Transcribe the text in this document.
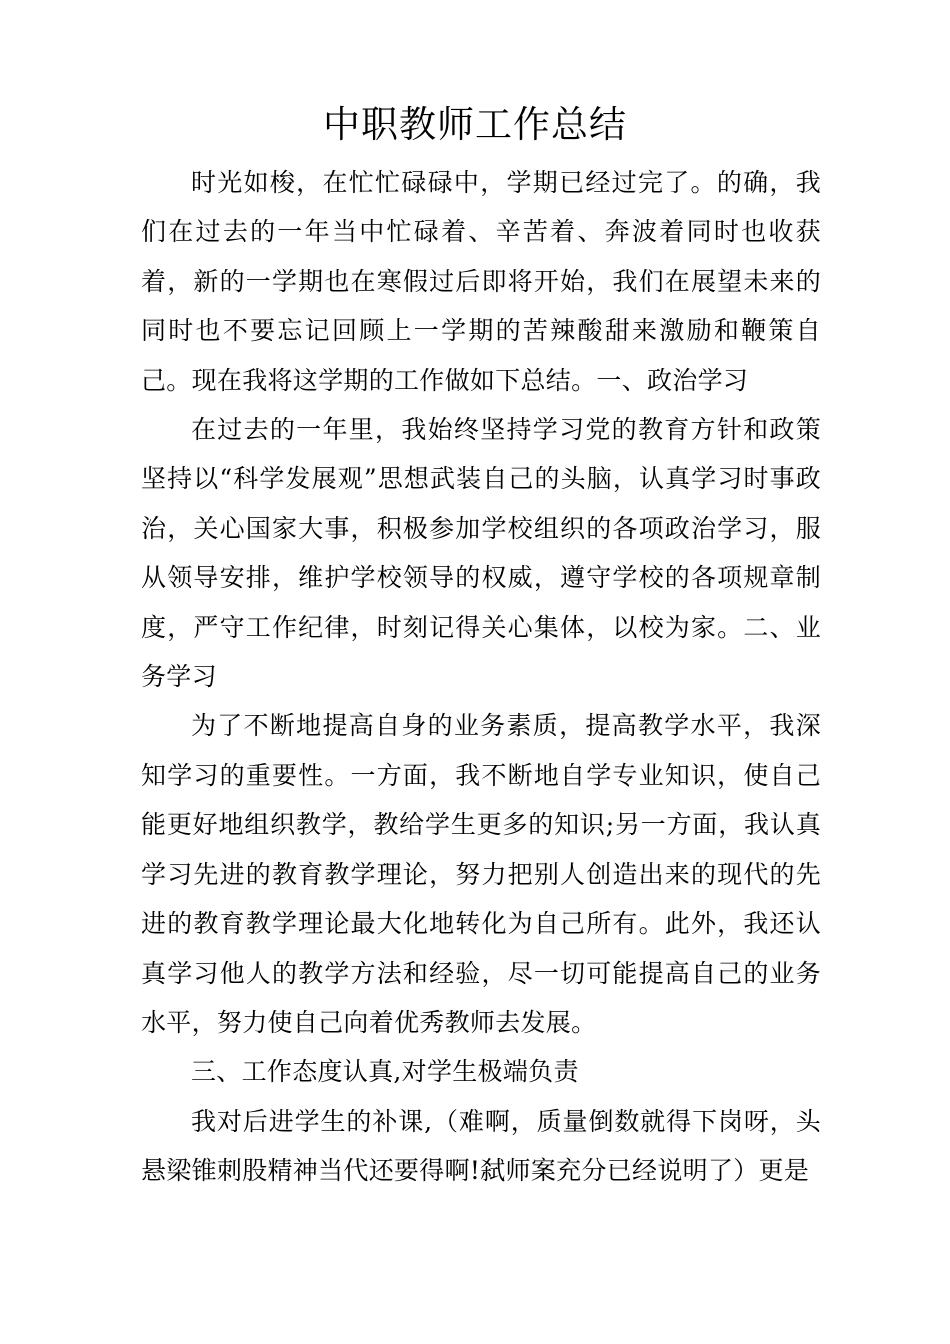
中职教师工作总结

时光如梭，在忙忙碌碌中，学期已经过完了。的确，我们在过去的一年当中忙碌着、辛苦着、奔波着同时也收获着，新的一学期也在寒假过后即将开始，我们在展望未来的同时也不要忘记回顾上一学期的苦辣酸甜来激励和鞭策自己。现在我将这学期的工作做如下总结。一、政治学习

在过去的一年里，我始终坚持学习党的教育方针和政策坚持以“科学发展观”思想武装自己的头脑，认真学习时事政治，关心国家大事，积极参加学校组织的各项政治学习，服从领导安排，维护学校领导的权威，遵守学校的各项规章制度，严守工作纪律，时刻记得关心集体，以校为家。二、业务学习

为了不断地提高自身的业务素质，提高教学水平，我深知学习的重要性。一方面，我不断地自学专业知识，使自己能更好地组织教学，教给学生更多的知识;另一方面，我认真学习先进的教育教学理论，努力把别人创造出来的现代的先进的教育教学理论最大化地转化为自己所有。此外，我还认真学习他人的教学方法和经验，尽一切可能提高自己的业务水平，努力使自己向着优秀教师去发展。

三、工作态度认真,对学生极端负责

我对后进学生的补课,（难啊，质量倒数就得下岗呀，头悬梁锥刺股精神当代还要得啊!弑师案充分已经说明了）更是
